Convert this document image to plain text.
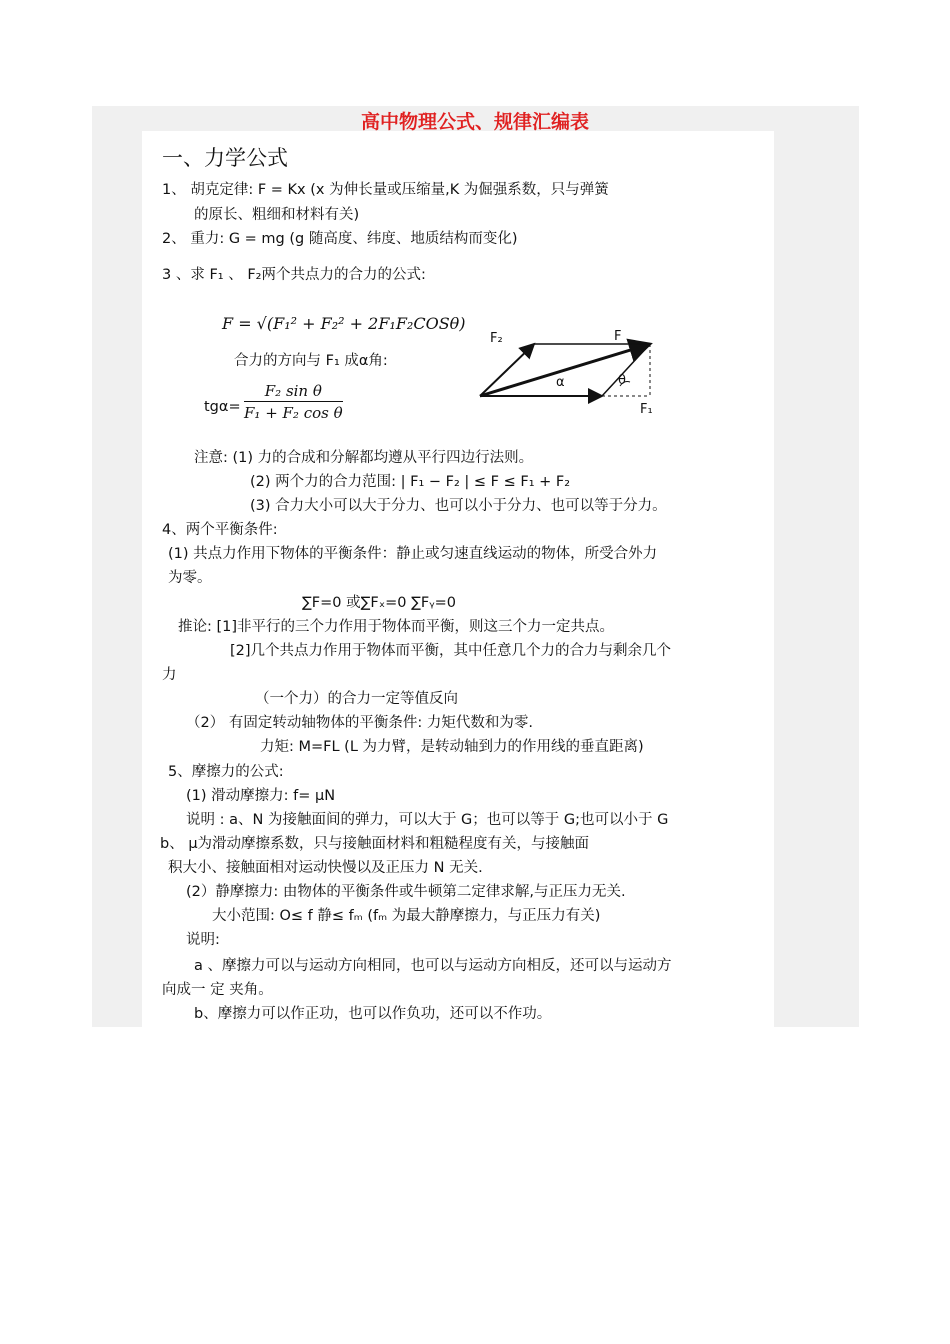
高中物理公式、规律汇编表
一、力学公式
1、 胡克定律: F = Kx (x 为伸长量或压缩量,K 为倔强系数，只与弹簧
的原长、粗细和材料有关)
2、 重力: G = mg (g 随高度、纬度、地质结构而变化)
3 、求 F₁ 、 F₂两个共点力的合力的公式:
F = √(F₁² + F₂² + 2F₁F₂COSθ)
合力的方向与 F₁ 成α角:
$tg\alpha= \frac{\text{F₂ sin θ}}{\text{F₁ + F₂ cos θ}}$
F₂	F
α	θ
F₁
注意: (1) 力的合成和分解都均遵从平行四边行法则。
(2) 两个力的合力范围: | F₁ − F₂ | ≤ F ≤ F₁ + F₂
(3) 合力大小可以大于分力、也可以小于分力、也可以等于分力。
4、两个平衡条件:
(1) 共点力作用下物体的平衡条件：静止或匀速直线运动的物体，所受合外力
为零。
∑F=0 或∑Fₓ=0 ∑Fᵧ=0
推论: [1]非平行的三个力作用于物体而平衡，则这三个力一定共点。
[2]几个共点力作用于物体而平衡，其中任意几个力的合力与剩余几个
力
（一个力）的合力一定等值反向
（2） 有固定转动轴物体的平衡条件: 力矩代数和为零.
力矩: M=FL (L 为力臂，是转动轴到力的作用线的垂直距离)
5、摩擦力的公式:
(1) 滑动摩擦力: f= μN
说明 : a、N 为接触面间的弹力，可以大于 G；也可以等于 G;也可以小于 G
b、 μ为滑动摩擦系数，只与接触面材料和粗糙程度有关，与接触面
积大小、接触面相对运动快慢以及正压力 N 无关.
(2）静摩擦力: 由物体的平衡条件或牛顿第二定律求解,与正压力无关.
大小范围: O≤ f 静≤ fₘ (fₘ 为最大静摩擦力，与正压力有关)
说明:
a 、摩擦力可以与运动方向相同，也可以与运动方向相反，还可以与运动方
向成一 定 夹角。
b、摩擦力可以作正功，也可以作负功，还可以不作功。
